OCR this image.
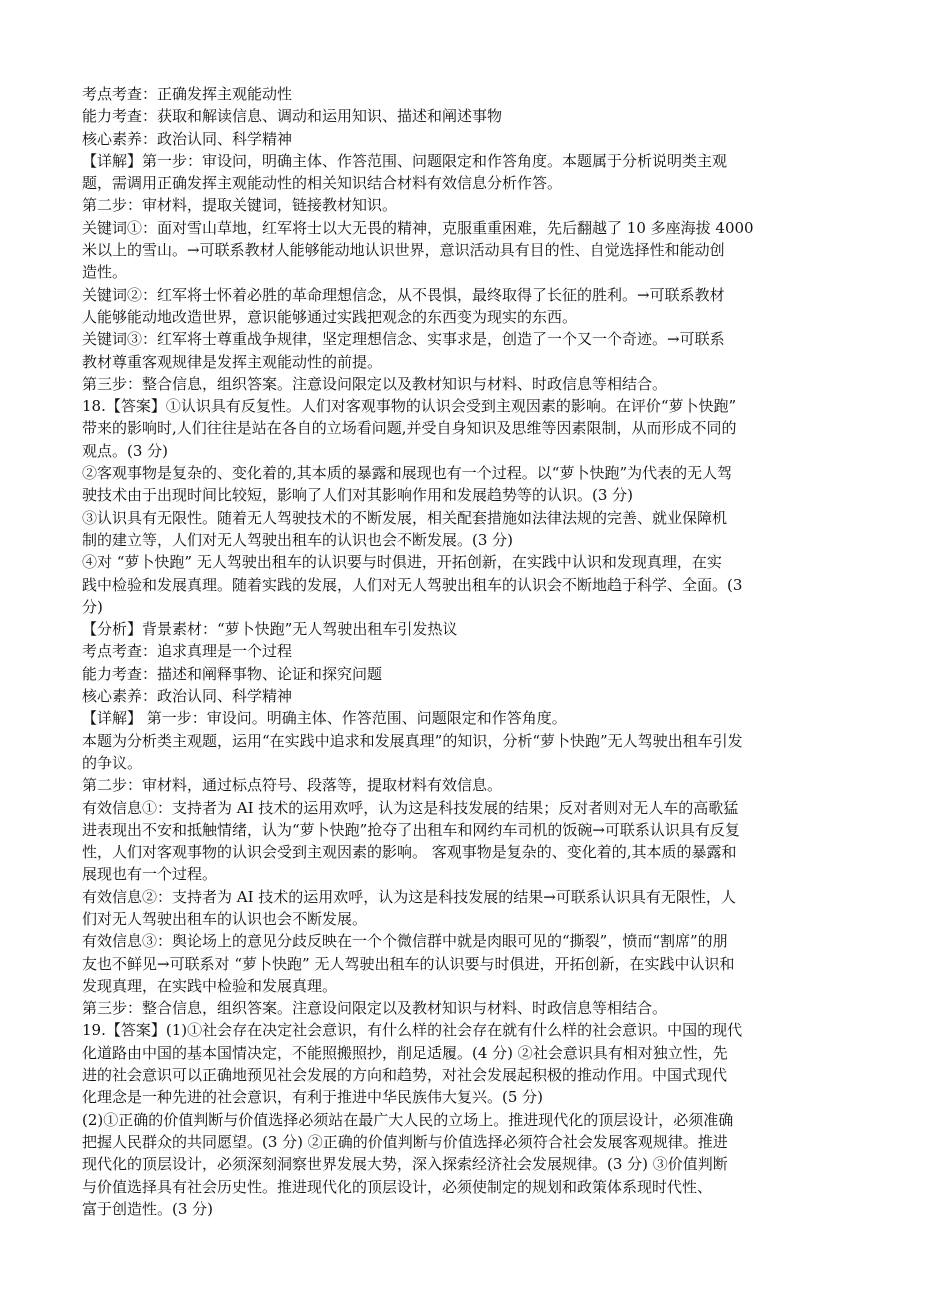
考点考查：正确发挥主观能动性
能力考查：获取和解读信息、调动和运用知识、描述和阐述事物
核心素养：政治认同、科学精神
【详解】第一步：审设问，明确主体、作答范围、问题限定和作答角度。本题属于分析说明类主观
题，需调用正确发挥主观能动性的相关知识结合材料有效信息分析作答。
第二步：审材料，提取关键词，链接教材知识。
关键词①：面对雪山草地，红军将士以大无畏的精神，克服重重困难，先后翻越了 10 多座海拔 4000
米以上的雪山。→可联系教材人能够能动地认识世界，意识活动具有目的性、自觉选择性和能动创
造性。
关键词②：红军将士怀着必胜的革命理想信念，从不畏惧，最终取得了长征的胜利。→可联系教材
人能够能动地改造世界，意识能够通过实践把观念的东西变为现实的东西。
关键词③：红军将士尊重战争规律，坚定理想信念、实事求是，创造了一个又一个奇迹。→可联系
教材尊重客观规律是发挥主观能动性的前提。
第三步：整合信息，组织答案。注意设问限定以及教材知识与材料、时政信息等相结合。
18.【答案】①认识具有反复性。人们对客观事物的认识会受到主观因素的影响。在评价“萝卜快跑”
带来的影响时,人们往往是站在各自的立场看问题,并受自身知识及思维等因素限制，从而形成不同的
观点。(3 分)
②客观事物是复杂的、变化着的,其本质的暴露和展现也有一个过程。以“萝卜快跑”为代表的无人驾
驶技术由于出现时间比较短，影响了人们对其影响作用和发展趋势等的认识。(3 分)
③认识具有无限性。随着无人驾驶技术的不断发展，相关配套措施如法律法规的完善、就业保障机
制的建立等，人们对无人驾驶出租车的认识也会不断发展。(3 分)
④对 “萝卜快跑” 无人驾驶出租车的认识要与时俱进，开拓创新，在实践中认识和发现真理，在实
践中检验和发展真理。随着实践的发展，人们对无人驾驶出租车的认识会不断地趋于科学、全面。(3
分)
【分析】背景素材：“萝卜快跑”无人驾驶出租车引发热议
考点考查：追求真理是一个过程
能力考查：描述和阐释事物、论证和探究问题
核心素养：政治认同、科学精神
【详解】 第一步：审设问。明确主体、作答范围、问题限定和作答角度。
本题为分析类主观题，运用“在实践中追求和发展真理”的知识，分析“萝卜快跑”无人驾驶出租车引发
的争议。
第二步：审材料，通过标点符号、段落等，提取材料有效信息。
有效信息①：支持者为 AI 技术的运用欢呼，认为这是科技发展的结果；反对者则对无人车的高歌猛
进表现出不安和抵触情绪，认为“萝卜快跑”抢夺了出租车和网约车司机的饭碗→可联系认识具有反复
性，人们对客观事物的认识会受到主观因素的影响。 客观事物是复杂的、变化着的,其本质的暴露和
展现也有一个过程。
有效信息②：支持者为 AI 技术的运用欢呼，认为这是科技发展的结果→可联系认识具有无限性，人
们对无人驾驶出租车的认识也会不断发展。
有效信息③：舆论场上的意见分歧反映在一个个微信群中就是肉眼可见的“撕裂”，愤而“割席”的朋
友也不鲜见→可联系对 “萝卜快跑” 无人驾驶出租车的认识要与时俱进，开拓创新，在实践中认识和
发现真理，在实践中检验和发展真理。
第三步：整合信息，组织答案。注意设问限定以及教材知识与材料、时政信息等相结合。
19.【答案】(1)①社会存在决定社会意识，有什么样的社会存在就有什么样的社会意识。中国的现代
化道路由中国的基本国情决定，不能照搬照抄，削足适履。(4 分) ②社会意识具有相对独立性，先
进的社会意识可以正确地预见社会发展的方向和趋势，对社会发展起积极的推动作用。中国式现代
化理念是一种先进的社会意识，有利于推进中华民族伟大复兴。(5 分)
(2)①正确的价值判断与价值选择必须站在最广大人民的立场上。推进现代化的顶层设计，必须准确
把握人民群众的共同愿望。(3 分) ②正确的价值判断与价值选择必须符合社会发展客观规律。推进
现代化的顶层设计，必须深刻洞察世界发展大势，深入探索经济社会发展规律。(3 分) ③价值判断
与价值选择具有社会历史性。推进现代化的顶层设计，必须使制定的规划和政策体系现时代性、
富于创造性。(3 分)
